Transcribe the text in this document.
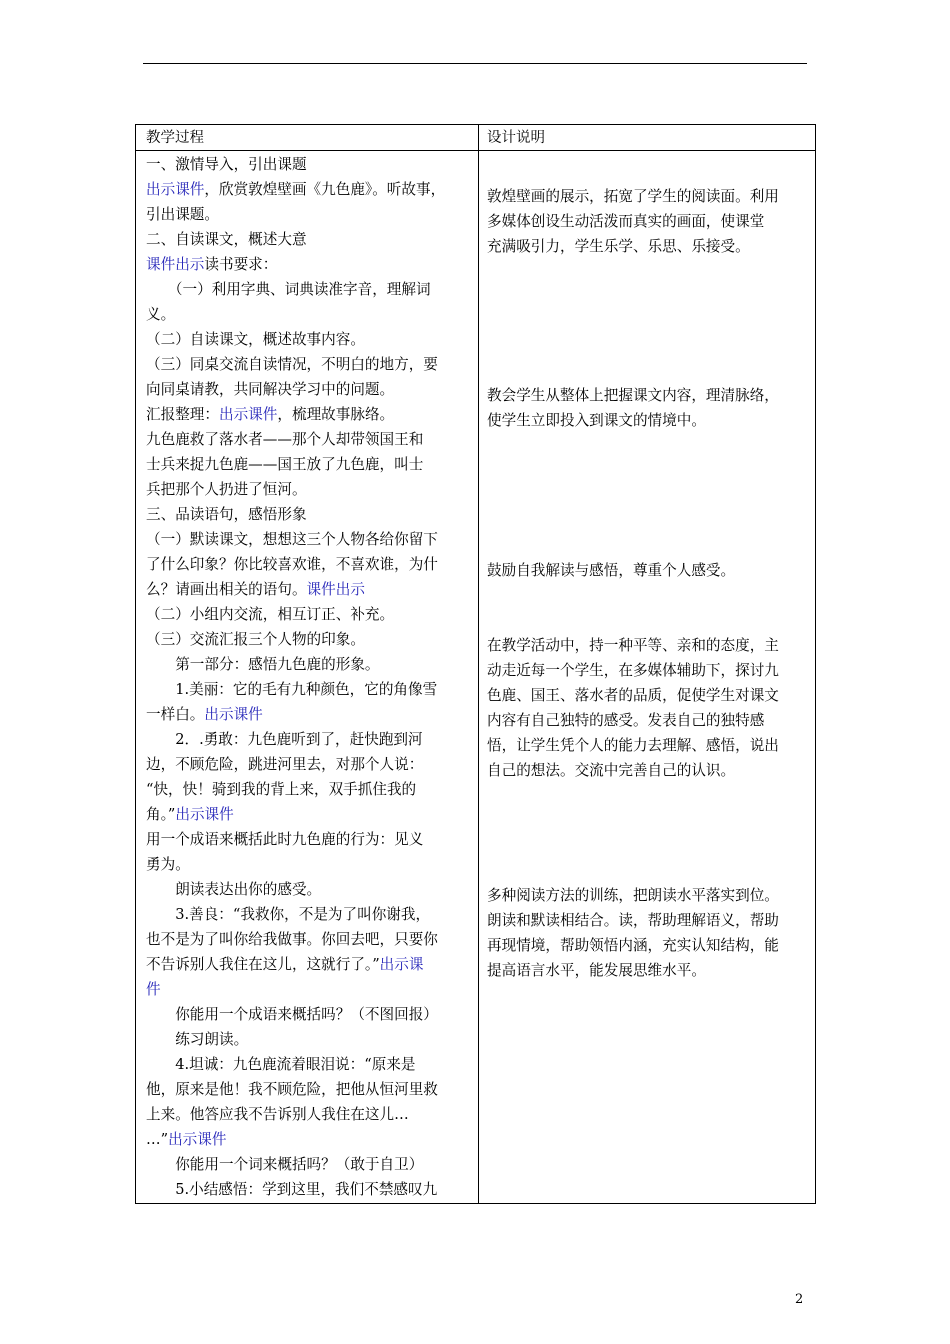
教学过程	设计说明
一、激情导入，引出课题
出示课件，欣赏敦煌壁画《九色鹿》。听故事，
引出课题。
二、自读课文，概述大意
课件出示读书要求：
　　（一）利用字典、词典读准字音，理解词
义。
（二）自读课文，概述故事内容。
（三）同桌交流自读情况，不明白的地方，要
向同桌请教，共同解决学习中的问题。
汇报整理：出示课件，梳理故事脉络。
九色鹿救了落水者——那个人却带领国王和
士兵来捉九色鹿——国王放了九色鹿，叫士
兵把那个人扔进了恒河。
三、品读语句，感悟形象
（一）默读课文，想想这三个人物各给你留下
了什么印象？你比较喜欢谁，不喜欢谁，为什
么？请画出相关的语句。课件出示
（二）小组内交流，相互订正、补充。
（三）交流汇报三个人物的印象。
　　第一部分：感悟九色鹿的形象。
　　1.美丽：它的毛有九种颜色，它的角像雪
一样白。出示课件
　　2．.勇敢：九色鹿听到了，赶快跑到河
边，不顾危险，跳进河里去，对那个人说：
“快，快！骑到我的背上来，双手抓住我的
角。”出示课件
用一个成语来概括此时九色鹿的行为：见义
勇为。
　　朗读表达出你的感受。
　　3.善良：“我救你，不是为了叫你谢我，
也不是为了叫你给我做事。你回去吧，只要你
不告诉别人我住在这儿，这就行了。”出示课
件
　　你能用一个成语来概括吗？（不图回报）
　　练习朗读。
　　4.坦诚：九色鹿流着眼泪说：“原来是
他，原来是他！我不顾危险，把他从恒河里救
上来。他答应我不告诉别人我住在这儿…
…”出示课件
　　你能用一个词来概括吗？（敢于自卫）
　　5.小结感悟：学到这里，我们不禁感叹九
敦煌壁画的展示，拓宽了学生的阅读面。利用
多媒体创设生动活泼而真实的画面，使课堂
充满吸引力，学生乐学、乐思、乐接受。
教会学生从整体上把握课文内容，理清脉络，
使学生立即投入到课文的情境中。
鼓励自我解读与感悟，尊重个人感受。
在教学活动中，持一种平等、亲和的态度，主
动走近每一个学生，在多媒体辅助下，探讨九
色鹿、国王、落水者的品质，促使学生对课文
内容有自己独特的感受。发表自己的独特感
悟，让学生凭个人的能力去理解、感悟，说出
自己的想法。交流中完善自己的认识。
多种阅读方法的训练，把朗读水平落实到位。
朗读和默读相结合。读，帮助理解语义，帮助
再现情境，帮助领悟内涵，充实认知结构，能
提高语言水平，能发展思维水平。
2
